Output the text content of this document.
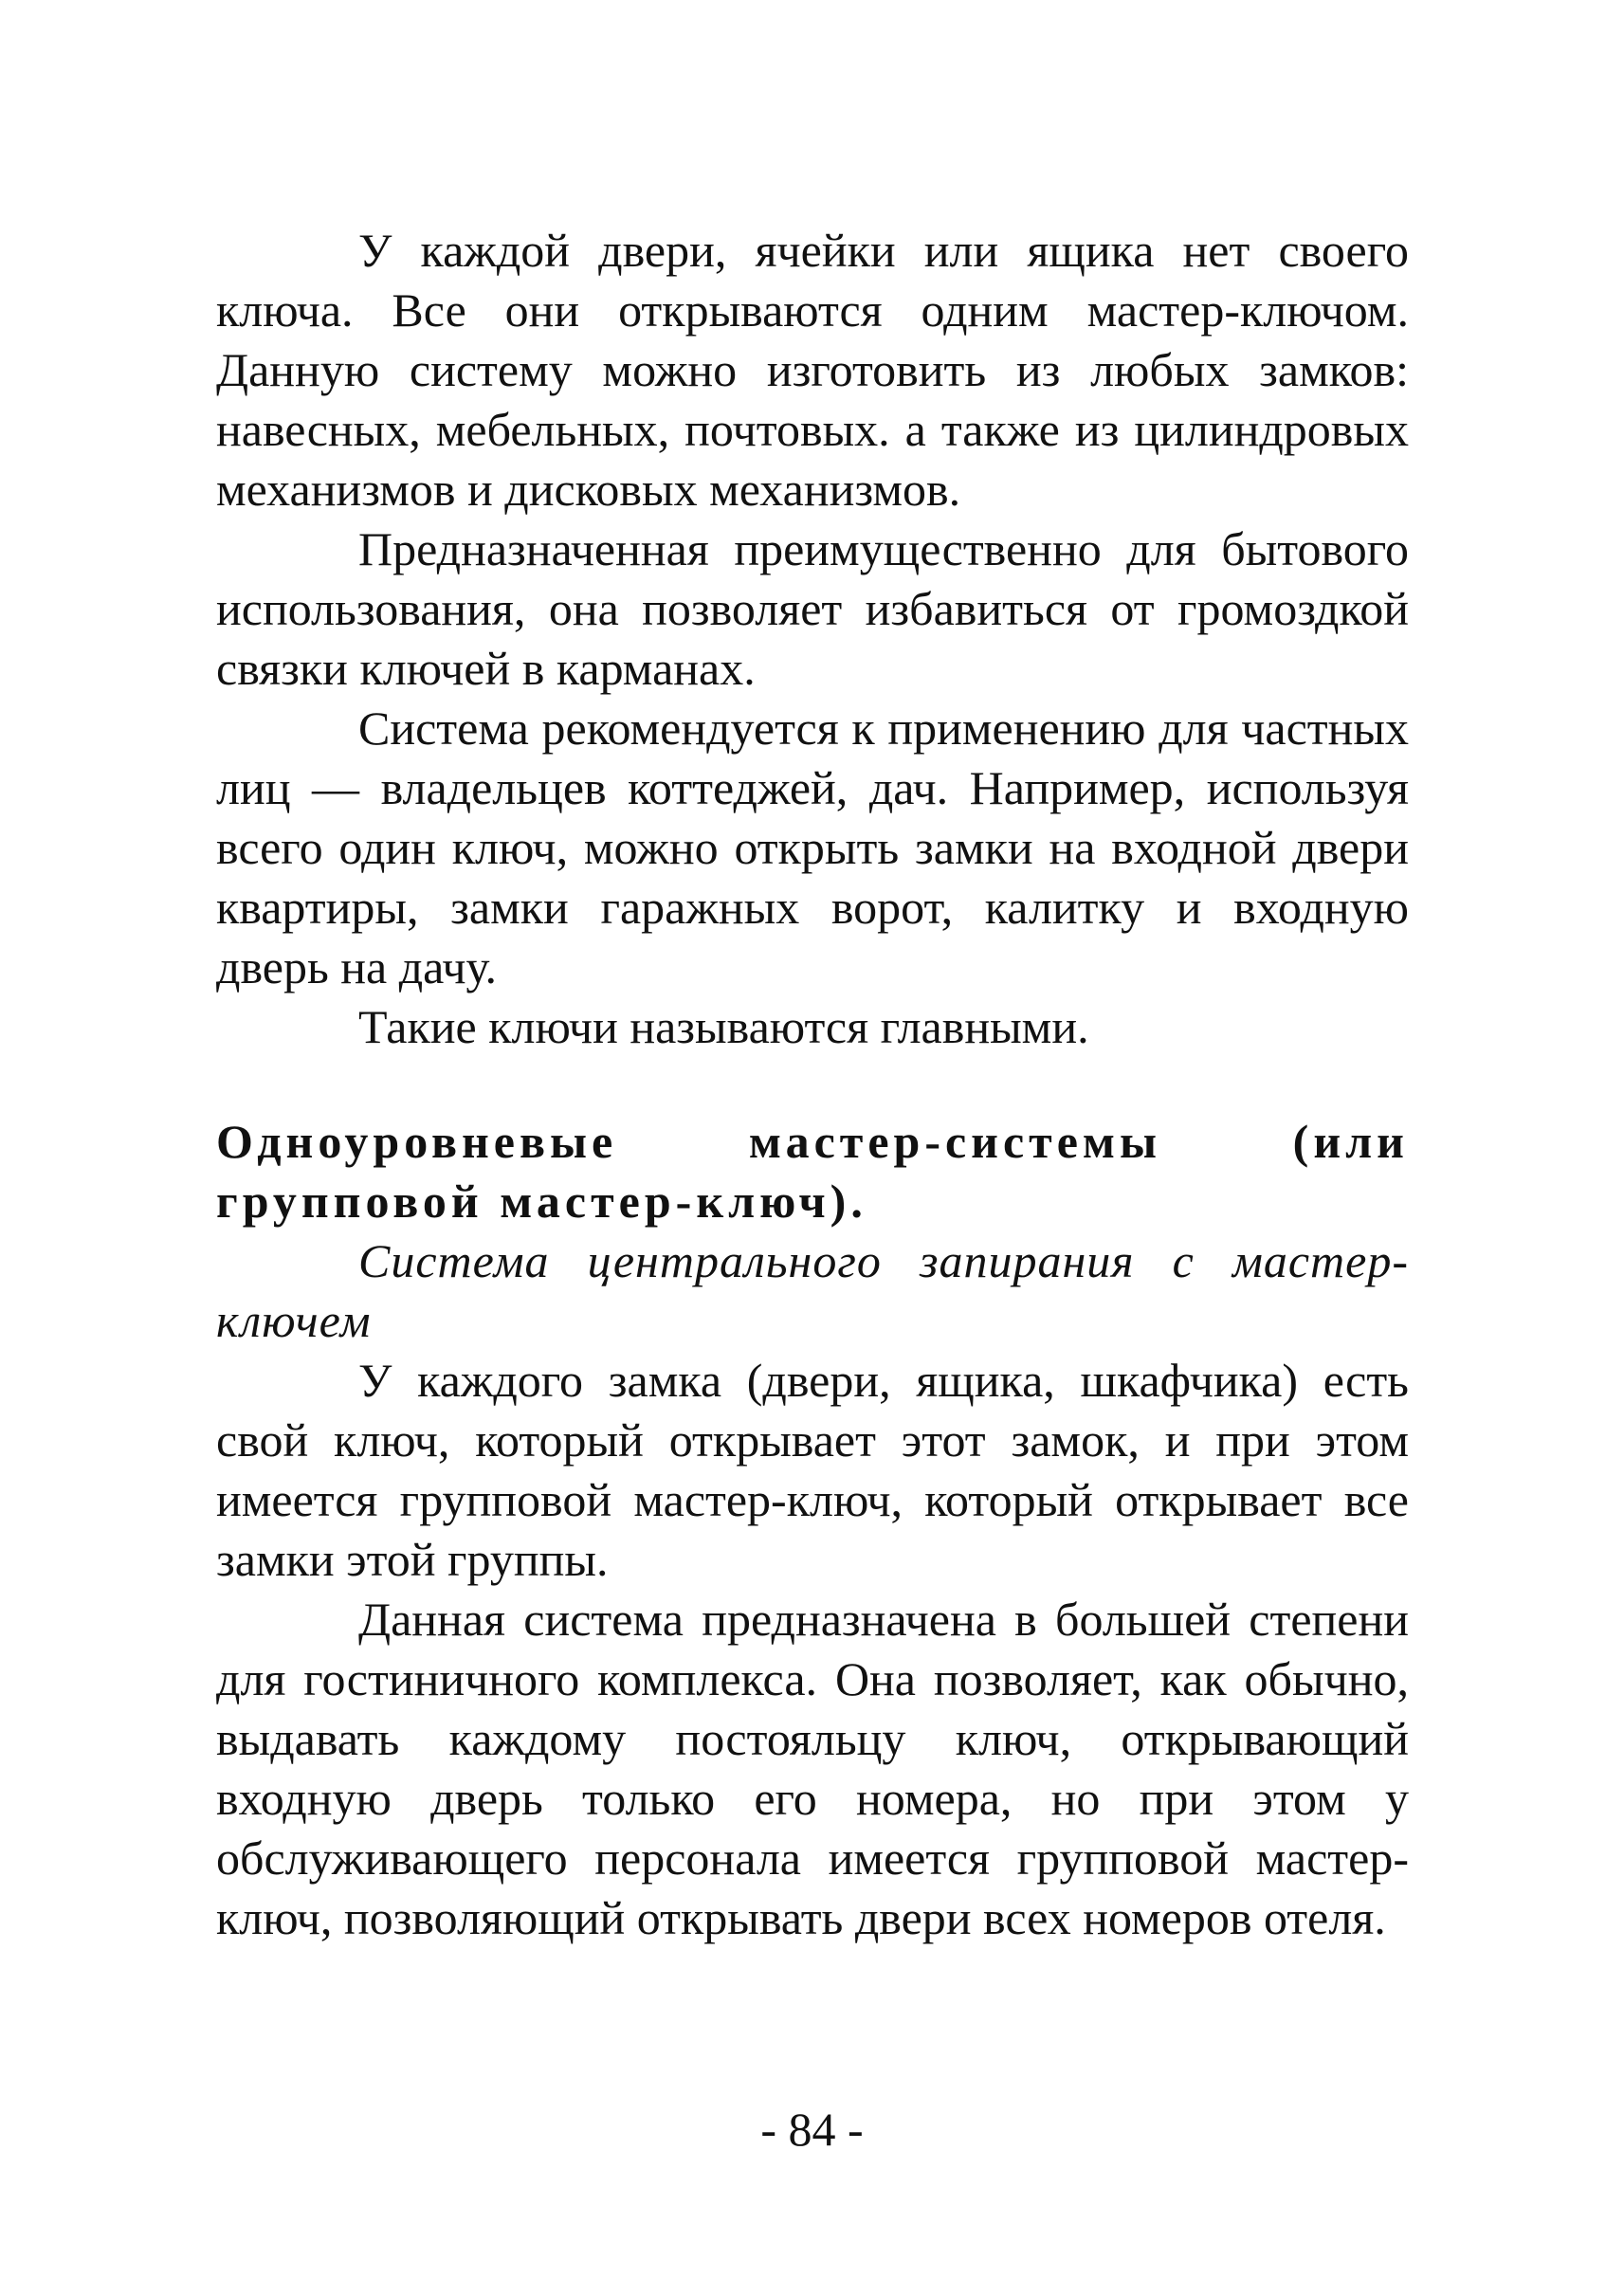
У каждой двери, ячейки или ящика нет своего ключа. Все они открываются одним мастер-ключом. Данную систему можно изготовить из любых замков: навесных, мебельных, почтовых. а также из цилиндровых механизмов и дисковых механизмов.

Предназначенная преимущественно для бытового использования, она позволяет избавиться от громоздкой связки ключей в карманах.

Система рекомендуется к применению для частных лиц — владельцев коттеджей, дач. Например, используя всего один ключ, можно открыть замки на входной двери квартиры, замки гаражных ворот, калитку и входную дверь на дачу.

Такие ключи называются главными.

Одноуровневые мастер-системы (или групповой мастер-ключ).

Система центрального запирания с мастер-ключем

У каждого замка (двери, ящика, шкафчика) есть свой ключ, который открывает этот замок, и при этом имеется групповой мастер-ключ, который открывает все замки этой группы.

Данная система предназначена в большей степени для гостиничного комплекса. Она позволяет, как обычно, выдавать каждому постояльцу ключ, открывающий входную дверь только его номера, но при этом у обслуживающего персонала имеется групповой мастер-ключ, позволяющий открывать двери всех номеров отеля.

- 84 -
